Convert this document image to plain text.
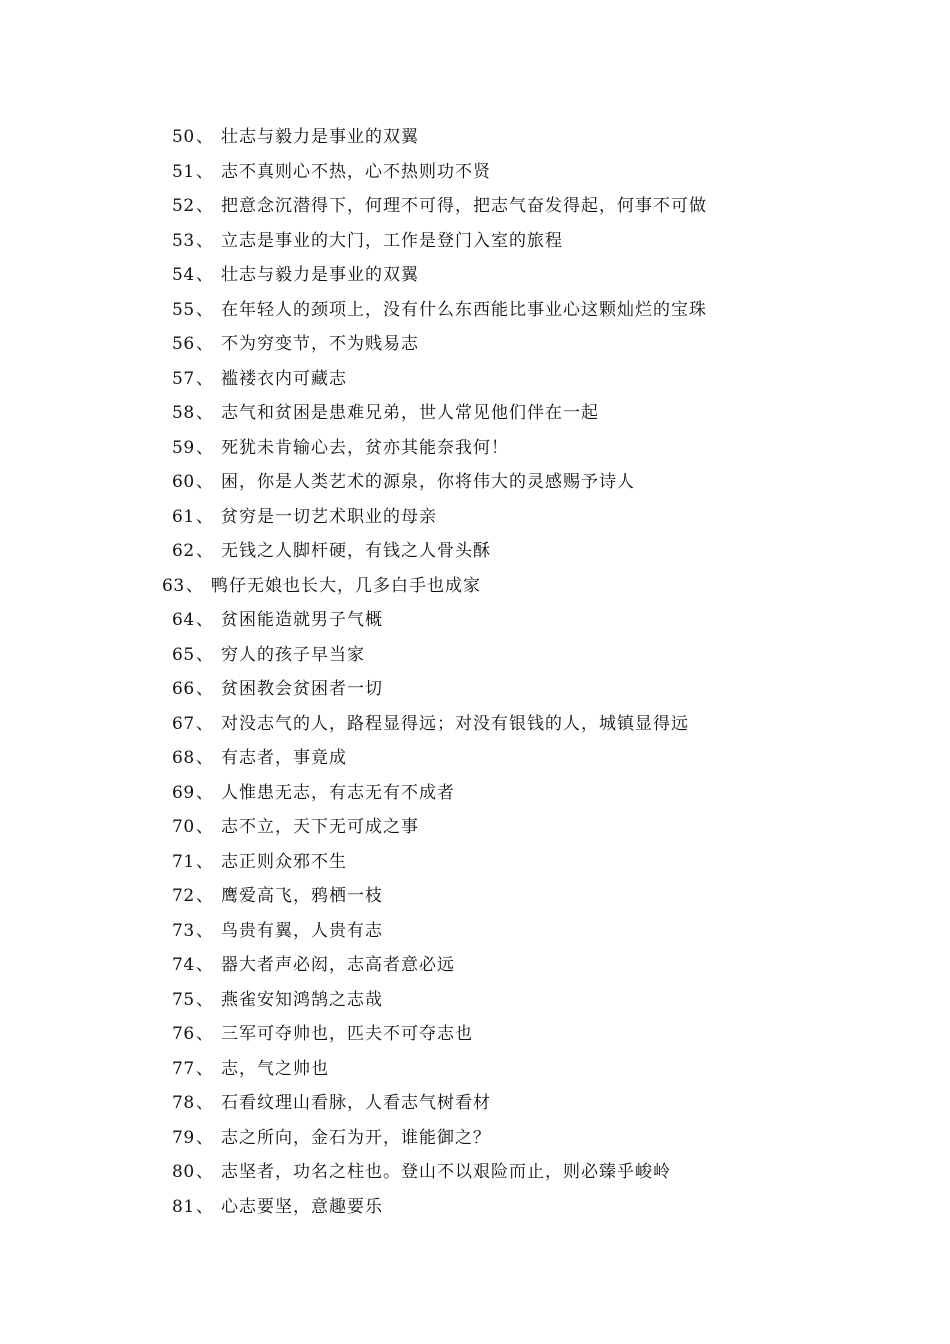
50 、 壮志与毅力是事业的双翼
51 、 志不真则心不热，心不热则功不贤
52 、 把意念沉潜得下，何理不可得，把志气奋发得起，何事不可做
53 、 立志是事业的大门，工作是登门入室的旅程
54 、 壮志与毅力是事业的双翼
55 、 在年轻人的颈项上，没有什么东西能比事业心这颗灿烂的宝珠
56 、 不为穷变节，不为贱易志
57 、 褴褛衣内可藏志
58 、 志气和贫困是患难兄弟，世人常见他们伴在一起
59 、 死犹未肯输心去，贫亦其能奈我何！
60 、 困，你是人类艺术的源泉，你将伟大的灵感赐予诗人
61 、 贫穷是一切艺术职业的母亲
62 、 无钱之人脚杆硬，有钱之人骨头酥
63 、 鸭仔无娘也长大，几多白手也成家
64 、 贫困能造就男子气概
65 、 穷人的孩子早当家
66 、 贫困教会贫困者一切
67 、 对没志气的人，路程显得远；对没有银钱的人，城镇显得远
68 、 有志者，事竟成
69 、 人惟患无志，有志无有不成者
70 、 志不立，天下无可成之事
71 、 志正则众邪不生
72 、 鹰爱高飞，鸦栖一枝
73 、 鸟贵有翼，人贵有志
74 、 器大者声必闳，志高者意必远
75 、 燕雀安知鸿鹄之志哉
76 、 三军可夺帅也，匹夫不可夺志也
77 、 志，气之帅也
78 、 石看纹理山看脉，人看志气树看材
79 、 志之所向，金石为开，谁能御之？
80 、 志坚者，功名之柱也。登山不以艰险而止，则必臻乎峻岭
81 、 心志要坚，意趣要乐
